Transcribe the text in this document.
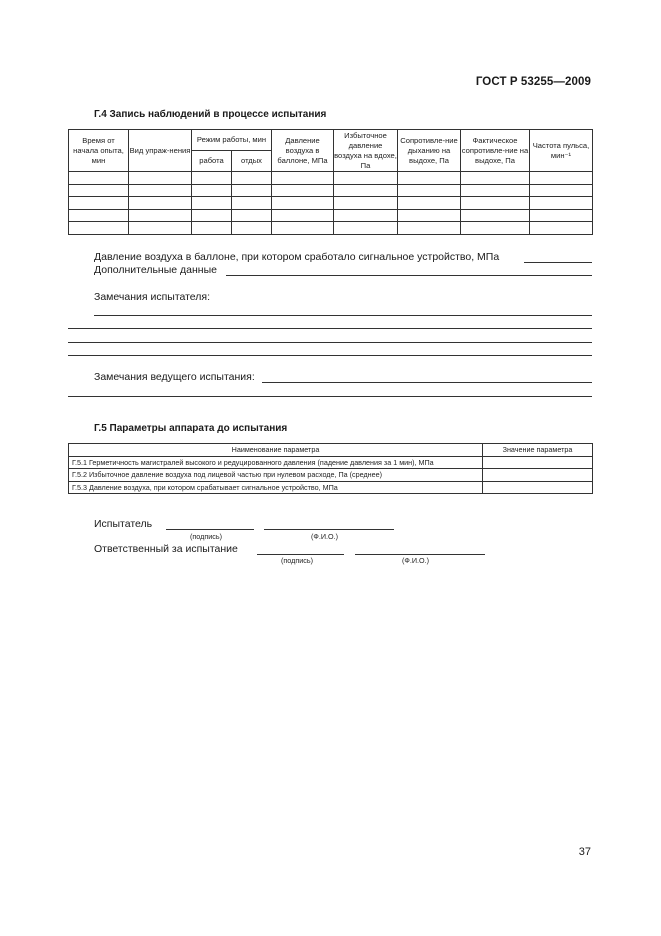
ГОСТ Р 53255—2009
Г.4 Запись наблюдений в процессе испытания
Время от начала опыта, мин	Вид упраж-нения	Режим работы, мин		Давление воздуха в баллоне, МПа	Избыточное давление воздуха на вдохе, Па	Сопротивле-ние дыханию на выдохе, Па	Фактическое сопротивле-ние на выдохе, Па	Частота пульса, мин⁻¹
		работа	отдых					

Давление воздуха в баллоне, при котором сработало сигнальное устройство, МПа
Дополнительные данные
Замечания испытателя:
Замечания ведущего испытания:
Г.5 Параметры аппарата до испытания
Наименование параметра	Значение параметра
Г.5.1 Герметичность магистралей высокого и редуцированного давления (падение давления за 1 мин), МПа	
Г.5.2 Избыточное давление воздуха под лицевой частью при нулевом расходе, Па (среднее)	
Г.5.3 Давление воздуха, при котором срабатывает сигнальное устройство, МПа	
Испытатель
(подпись)	(Ф.И.О.)
Ответственный за испытание
(подпись)	(Ф.И.О.)
37
